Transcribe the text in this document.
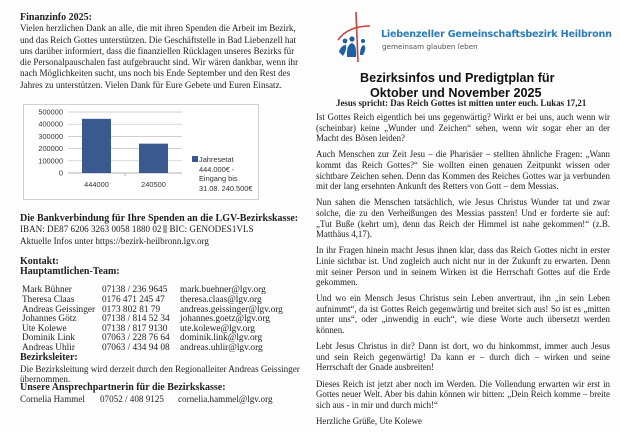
Finanzinfo 2025:

Vielen herzlichen Dank an alle, die mit ihren Spenden die Arbeit im Bezirk, und das Reich Gottes unterstützen. Die Geschäftstelle in Bad Liebenzell hat uns darüber informiert, dass die finanziellen Rücklagen unseres Bezirks für die Personalpauschalen fast aufgebraucht sind. Wir wären dankbar, wenn ihr nach Möglichkeiten sucht, uns noch bis Ende September und den Rest des Jahres zu unterstützen. Vielen Dank für Eure Gebete und Euren Einsatz.

0
100000
200000
300000
400000
500000
444000	240500
Jahresetat
444.000€ -
Eingang bis
31.08. 240.500€
Die Bankverbindung für Ihre Spenden an die LGV-Bezirkskasse:
IBAN: DE87 6206 3263 0058 1880 02 BIC: GENODES1VLS
Aktuelle Infos unter https://bezirk-heilbronn.lgv.org
Kontakt:
Hauptamtlichen-Team:
Mark Bühner	07138 / 236 9645	mark.buehner@lgv.org
Theresa Claas	0176 471 245 47	theresa.claas@lgv.org
Andreas Geissinger	0173 802 81 79	andreas.geissinger@lgv.org
Johannes Götz	07138 / 814 52 34	johannes.goetz@lgv.org
Ute Kolewe	07138 / 817 9130	ute.kolewe@lgv.org
Dominik Link	07063 / 228 76 64	dominik.link@lgv.org
Andreas Uhlir	07063 / 434 94 08	andreas.uhlir@lgv.org
Bezirksleiter:
Die Bezirksleitung wird derzeit durch den Regionalleiter Andreas Geissinger übernommen.
Unsere Ansprechpartnerin für die Bezirkskasse:
Cornelia Hammel 07052 / 408 9125 cornelia.hammel@lgv.org
Liebenzeller Gemeinschaftsbezirk Heilbronn
gemeinsam glauben leben
Bezirksinfos und Predigtplan für
Oktober und November 2025
Jesus spricht: Das Reich Gottes ist mitten unter euch. Lukas 17,21

Ist Gottes Reich eigentlich bei uns gegenwärtig? Wirkt er bei uns, auch wenn wir (scheinbar) keine „Wunder und Zeichen“ sehen, wenn wir sogar eher an der Macht des Bösen leiden?

Auch Menschen zur Zeit Jesu – die Pharisäer – stellten ähnliche Fragen: „Wann kommt das Reich Gottes?“ Sie wollten einen genauen Zeitpunkt wissen oder sichtbare Zeichen sehen. Denn das Kommen des Reiches Gottes war ja verbunden mit der lang ersehnten Ankunft des Retters von Gott – dem Messias.

Nun sahen die Menschen tatsächlich, wie Jesus Christus Wunder tat und zwar solche, die zu den Verheißungen des Messias passten! Und er forderte sie auf: „Tut Buße (kehrt um), denn das Reich der Himmel ist nahe gekommen!“ (z.B. Matthäus 4,17).

In ihr Fragen hinein macht Jesus ihnen klar, dass das Reich Gottes nicht in erster Linie sichtbar ist. Und zugleich auch nicht nur in der Zukunft zu erwarten. Denn mit seiner Person und in seinem Wirken ist die Herrschaft Gottes auf die Erde gekommen.

Und wo ein Mensch Jesus Christus sein Leben anvertraut, ihn „in sein Leben aufnimmt“, da ist Gottes Reich gegenwärtig und breitet sich aus! So ist es „mitten unter uns“, oder „inwendig in euch“, wie diese Worte auch übersetzt werden können.

Lebt Jesus Christus in dir? Dann ist dort, wo du hinkommst, immer auch Jesus und sein Reich gegenwärtig! Da kann er – durch dich – wirken und seine Herrschaft der Gnade ausbreiten!

Dieses Reich ist jetzt aber noch im Werden. Die Vollendung erwarten wir erst in Gottes neuer Welt. Aber bis dahin können wir bitten: „Dein Reich komme – breite sich aus - in mir und durch mich!“

Herzliche Grüße, Ute Kolewe
